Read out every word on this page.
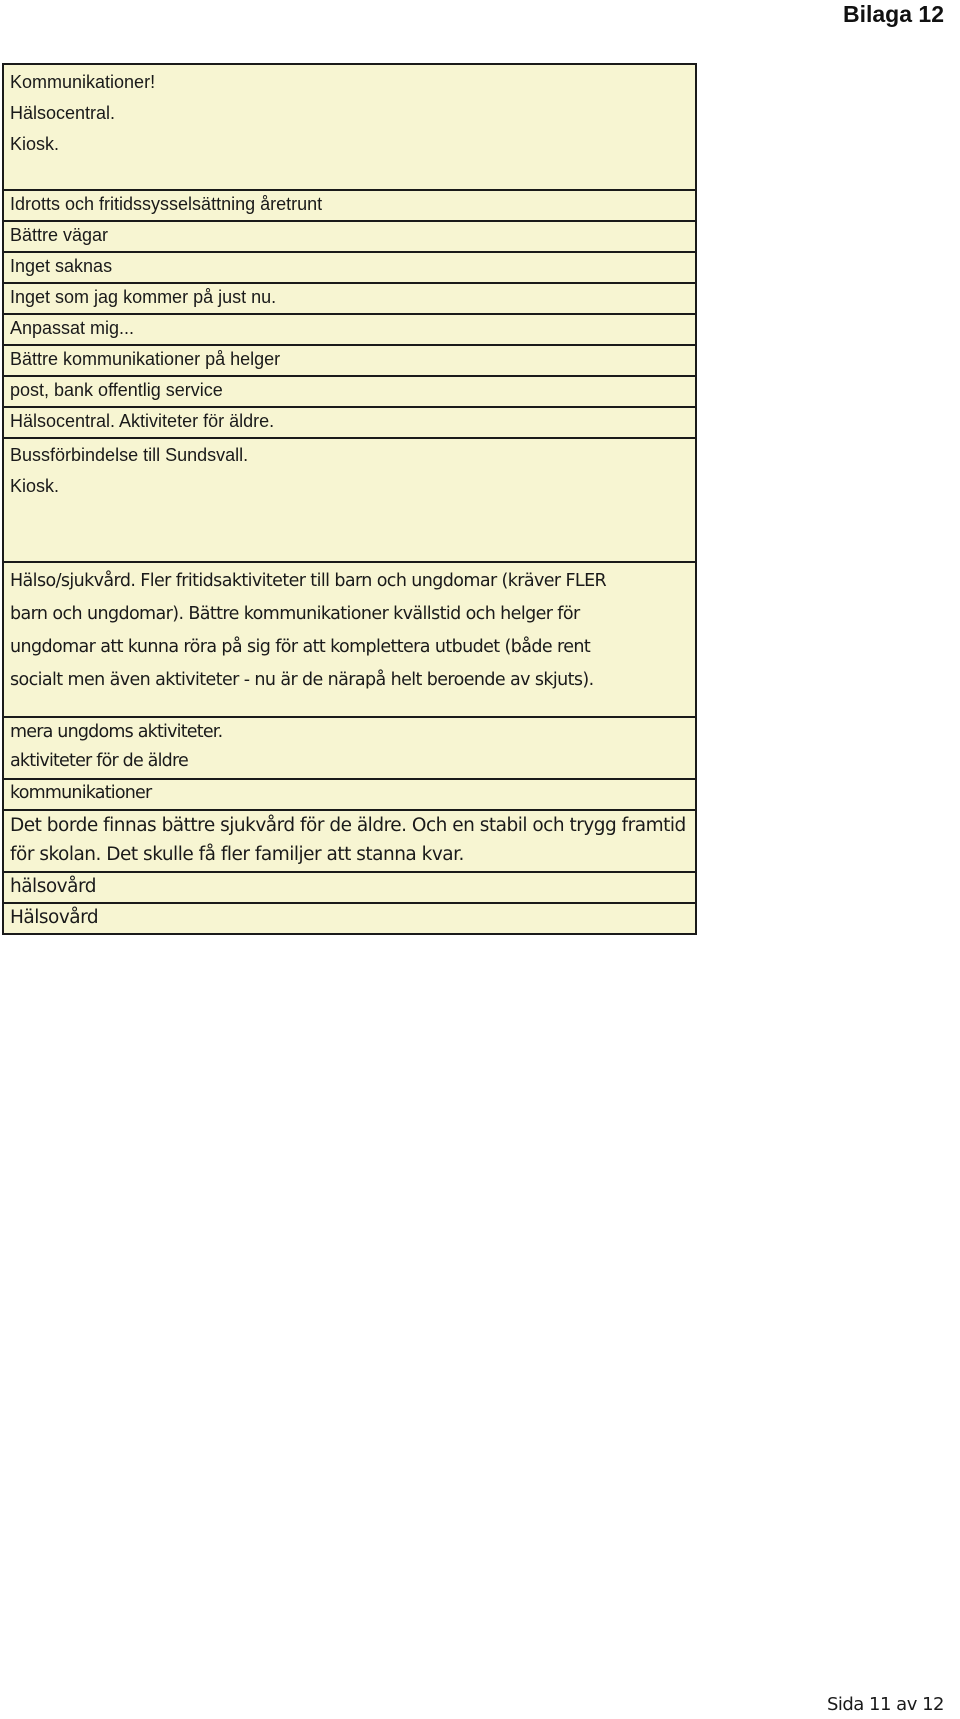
Bilaga 12
Kommunikationer!
Hälsocentral.
Kiosk.

Idrotts och fritidssysselsättning åretrunt

Bättre vägar

Inget saknas

Inget som jag kommer på just nu.

Anpassat mig...

Bättre kommunikationer på helger

post, bank offentlig service

Hälsocentral. Aktiviteter för äldre.

Bussförbindelse till Sundsvall.
Kiosk.

Hälso/sjukvård. Fler fritidsaktiviteter till barn och ungdomar (kräver FLER
barn och ungdomar). Bättre kommunikationer kvällstid och helger för
ungdomar att kunna röra på sig för att komplettera utbudet (både rent
socialt men även aktiviteter - nu är de närapå helt beroende av skjuts).

mera ungdoms aktiviteter.
aktiviteter för de äldre

kommunikationer

Det borde finnas bättre sjukvård för de äldre. Och en stabil och trygg framtid
för skolan. Det skulle få fler familjer att stanna kvar.

hälsovård

Hälsovård
Sida 11 av 12
